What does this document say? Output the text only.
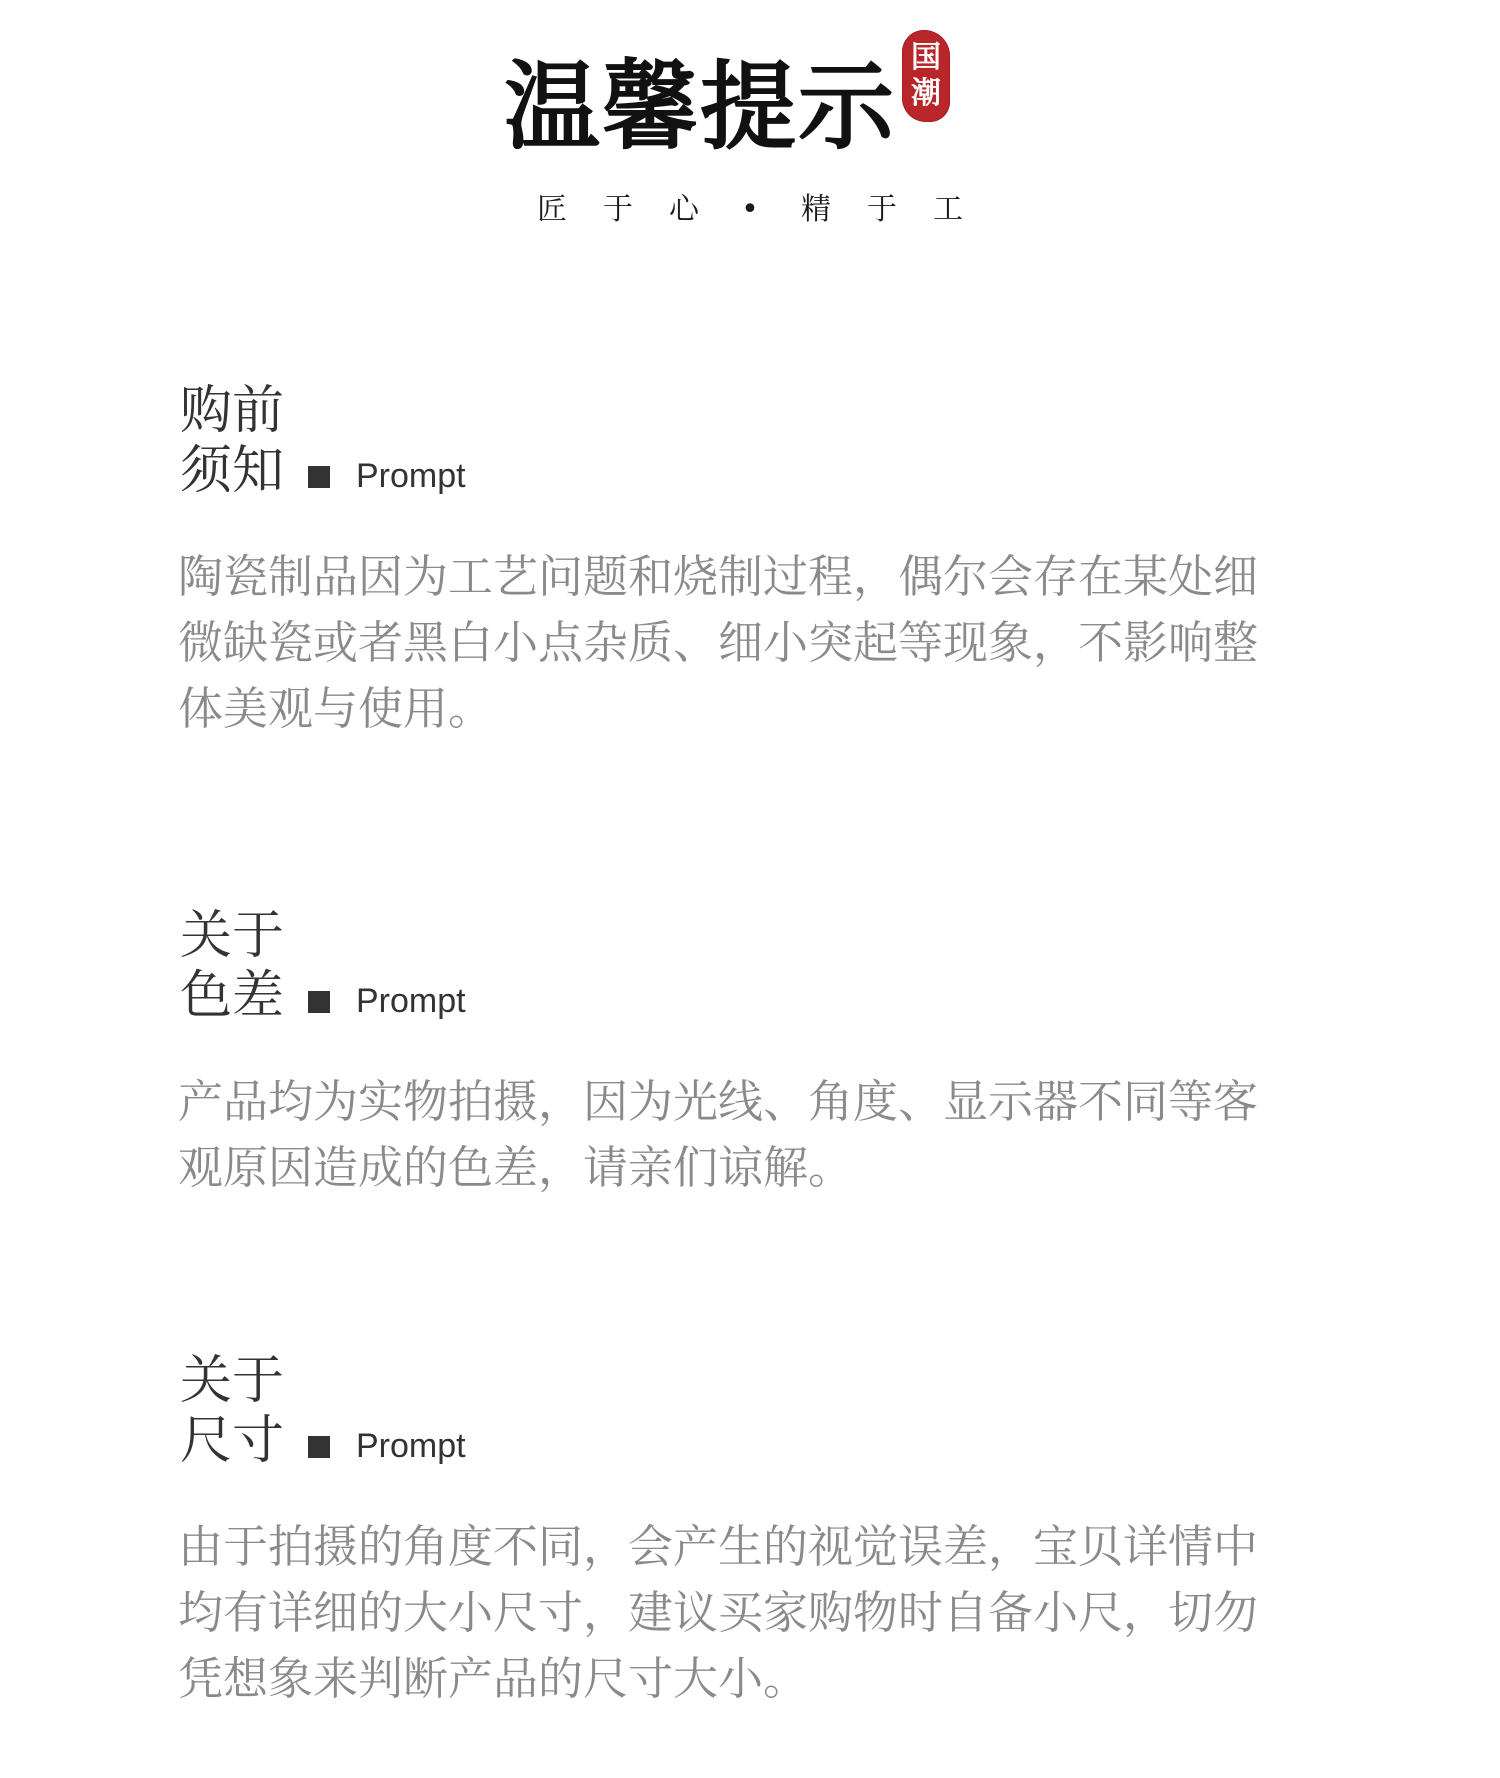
温馨提示 国
潮
匠 于 心 • 精 于 工
购前
须知 Prompt

陶瓷制品因为工艺问题和烧制过程，偶尔会存在某处细微缺瓷或者黑白小点杂质、细小突起等现象，不影响整体美观与使用。

关于
色差 Prompt

产品均为实物拍摄，因为光线、角度、显示器不同等客观原因造成的色差，请亲们谅解。

关于
尺寸 Prompt

由于拍摄的角度不同，会产生的视觉误差，宝贝详情中均有详细的大小尺寸，建议买家购物时自备小尺，切勿凭想象来判断产品的尺寸大小。
